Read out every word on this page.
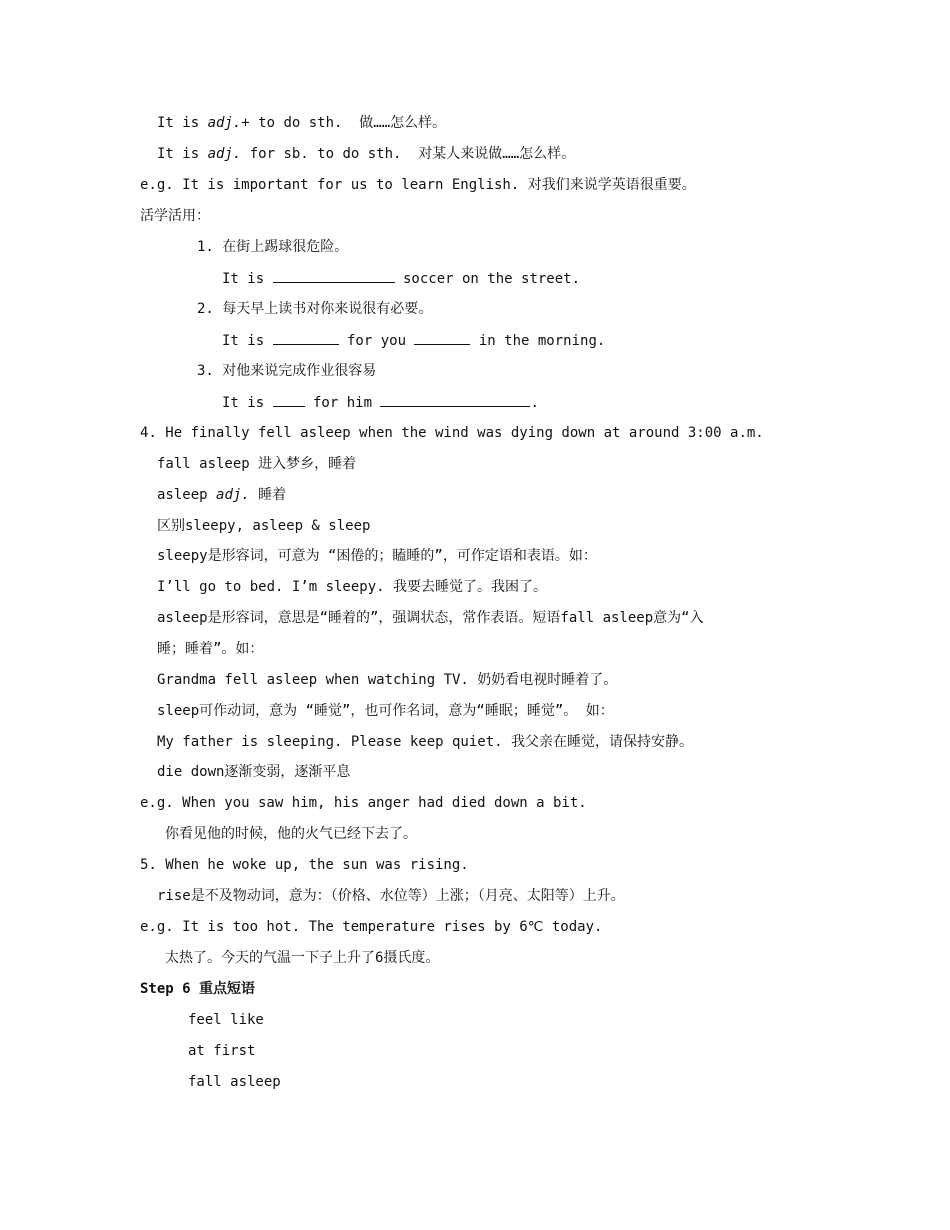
It is adj.+ to do sth.  做……怎么样。
It is adj. for sb. to do sth.  对某人来说做……怎么样。
e.g. It is important for us to learn English. 对我们来说学英语很重要。
活学活用：
1. 在街上踢球很危险。
It is	soccer on the street.
2. 每天早上读书对你来说很有必要。
It is	for you	in the morning.
3. 对他来说完成作业很容易
It is  for him	.
4. He finally fell asleep when the wind was dying down at around 3:00 a.m.
fall asleep 进入梦乡，睡着
asleep adj. 睡着
区别sleepy, asleep & sleep
sleepy是形容词，可意为 “困倦的；瞌睡的”，可作定语和表语。如：
I’ll go to bed. I’m sleepy. 我要去睡觉了。我困了。
asleep是形容词，意思是“睡着的”，强调状态，常作表语。短语fall asleep意为“入
睡；睡着”。如：
Grandma fell asleep when watching TV. 奶奶看电视时睡着了。
sleep可作动词，意为 “睡觉”，也可作名词，意为“睡眠；睡觉”。 如：
My father is sleeping. Please keep quiet. 我父亲在睡觉，请保持安静。
die down逐渐变弱，逐渐平息
e.g. When you saw him, his anger had died down a bit.
你看见他的时候，他的火气已经下去了。
5. When he woke up, the sun was rising.
rise是不及物动词，意为：（价格、水位等）上涨；（月亮、太阳等）上升。
e.g. It is too hot. The temperature rises by 6℃ today.
太热了。今天的气温一下子上升了6摄氏度。
Step 6 重点短语
feel like
at first
fall asleep
